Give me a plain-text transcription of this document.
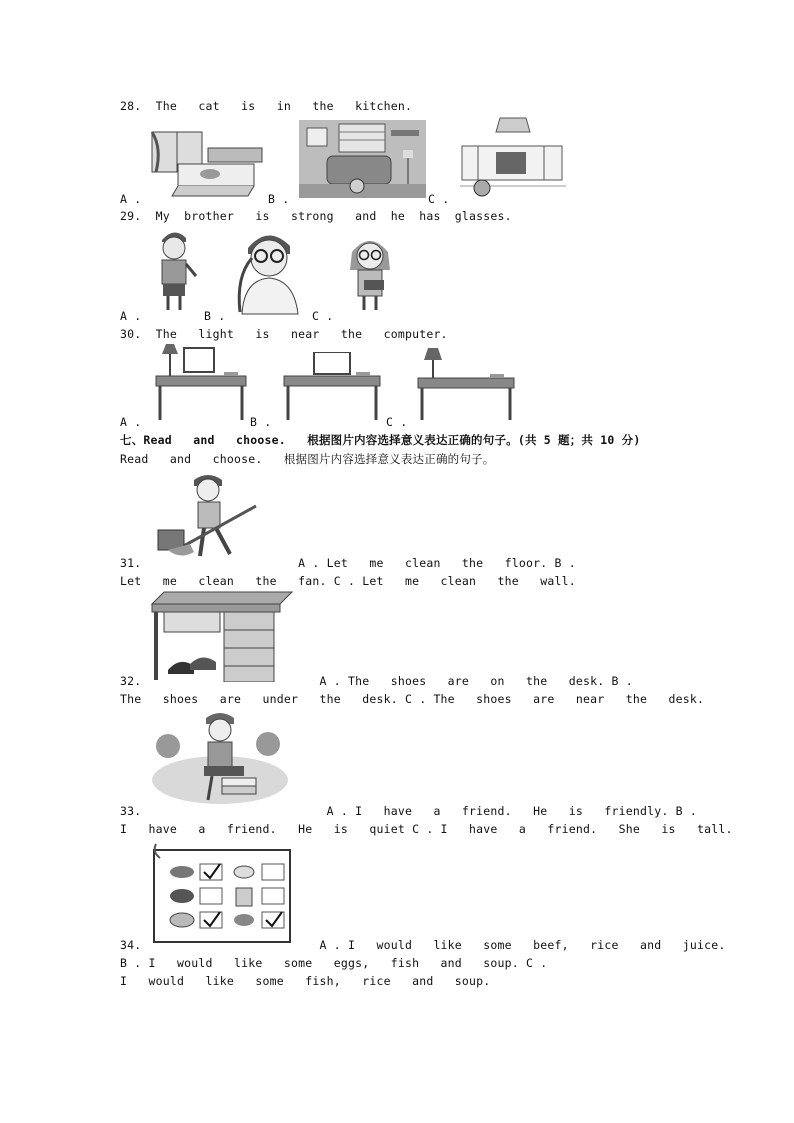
28.  The   cat   is   in   the   kitchen.
A .	B .	C .
29.  My  brother   is   strong   and  he  has  glasses.
A .	B .	C .
30.  The   light   is   near   the   computer.
A .	B .	C .
七、Read   and   choose.   根据图片内容选择意义表达正确的句子。(共 5 题；共 10 分)
Read   and   choose.   根据图片内容选择意义表达正确的句子。
31.                      A . Let   me   clean   the   floor. B .
Let   me   clean   the   fan. C . Let   me   clean   the   wall.
32.                         A . The   shoes   are   on   the   desk. B .
The   shoes   are   under   the   desk. C . The   shoes   are   near   the   desk.
33.                          A . I   have   a   friend.   He   is   friendly. B .
I   have   a   friend.   He   is   quiet C . I   have   a   friend.   She   is   tall.
34.                         A . I   would   like   some   beef,   rice   and   juice.
B . I   would   like   some   eggs,   fish   and   soup. C .
I   would   like   some   fish,   rice   and   soup.
